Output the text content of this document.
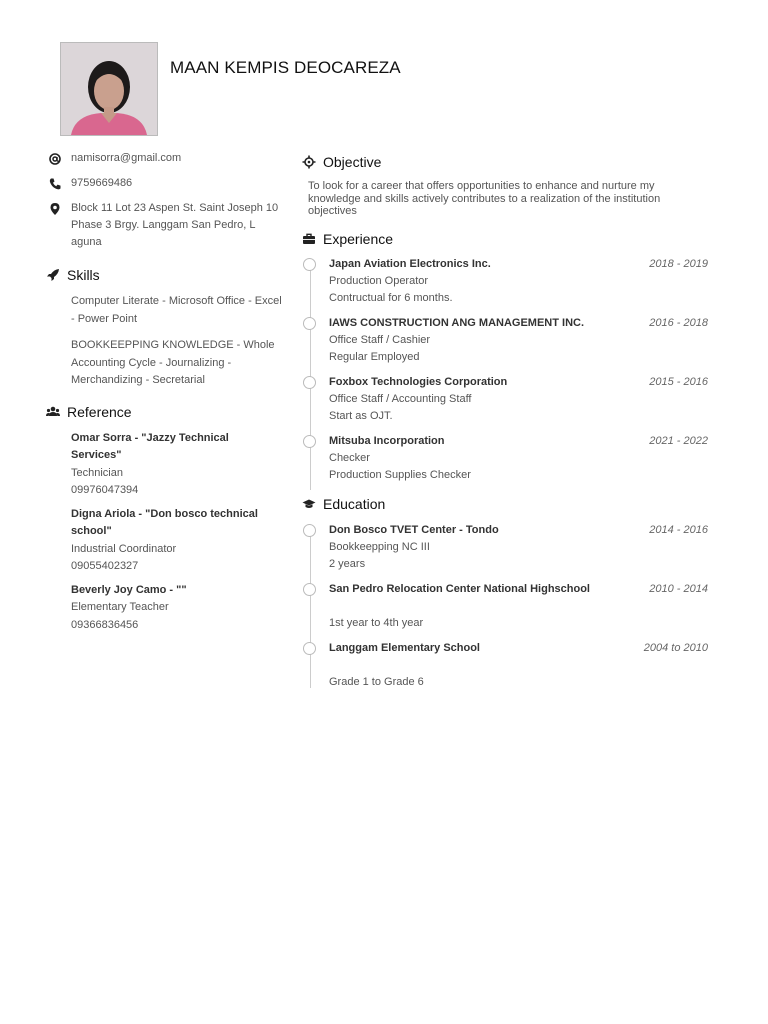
MAAN KEMPIS DEOCAREZA
namisorra@gmail.com
9759669486
Block 11 Lot 23 Aspen St. Saint Joseph 10 Phase 3 Brgy. Langgam San Pedro, L aguna
Skills
Computer Literate - Microsoft Office - Excel - Power Point
BOOKKEEPPING KNOWLEDGE - Whole Accounting Cycle - Journalizing - Merchandizing - Secretarial
Reference
Omar Sorra - "Jazzy Technical Services"
Technician
09976047394
Digna Ariola - "Don bosco technical school"
Industrial Coordinator
09055402327
Beverly Joy Camo - ""
Elementary Teacher
09366836456
Objective
To look for a career that offers opportunities to enhance and nurture my knowledge and skills actively contributes to a realization of the institution objectives
Experience
Japan Aviation Electronics Inc.	2018 - 2019
Production Operator
Contructual for 6 months.
IAWS CONSTRUCTION ANG MANAGEMENT INC.	2016 - 2018
Office Staff / Cashier
Regular Employed
Foxbox Technologies Corporation	2015 - 2016
Office Staff / Accounting Staff
Start as OJT.
Mitsuba Incorporation	2021 - 2022
Checker
Production Supplies Checker
Education
Don Bosco TVET Center - Tondo	2014 - 2016
Bookkeepping NC III
2 years
San Pedro Relocation Center National Highschool	2010 - 2014
1st year to 4th year
Langgam Elementary School	2004 to 2010
Grade 1 to Grade 6
